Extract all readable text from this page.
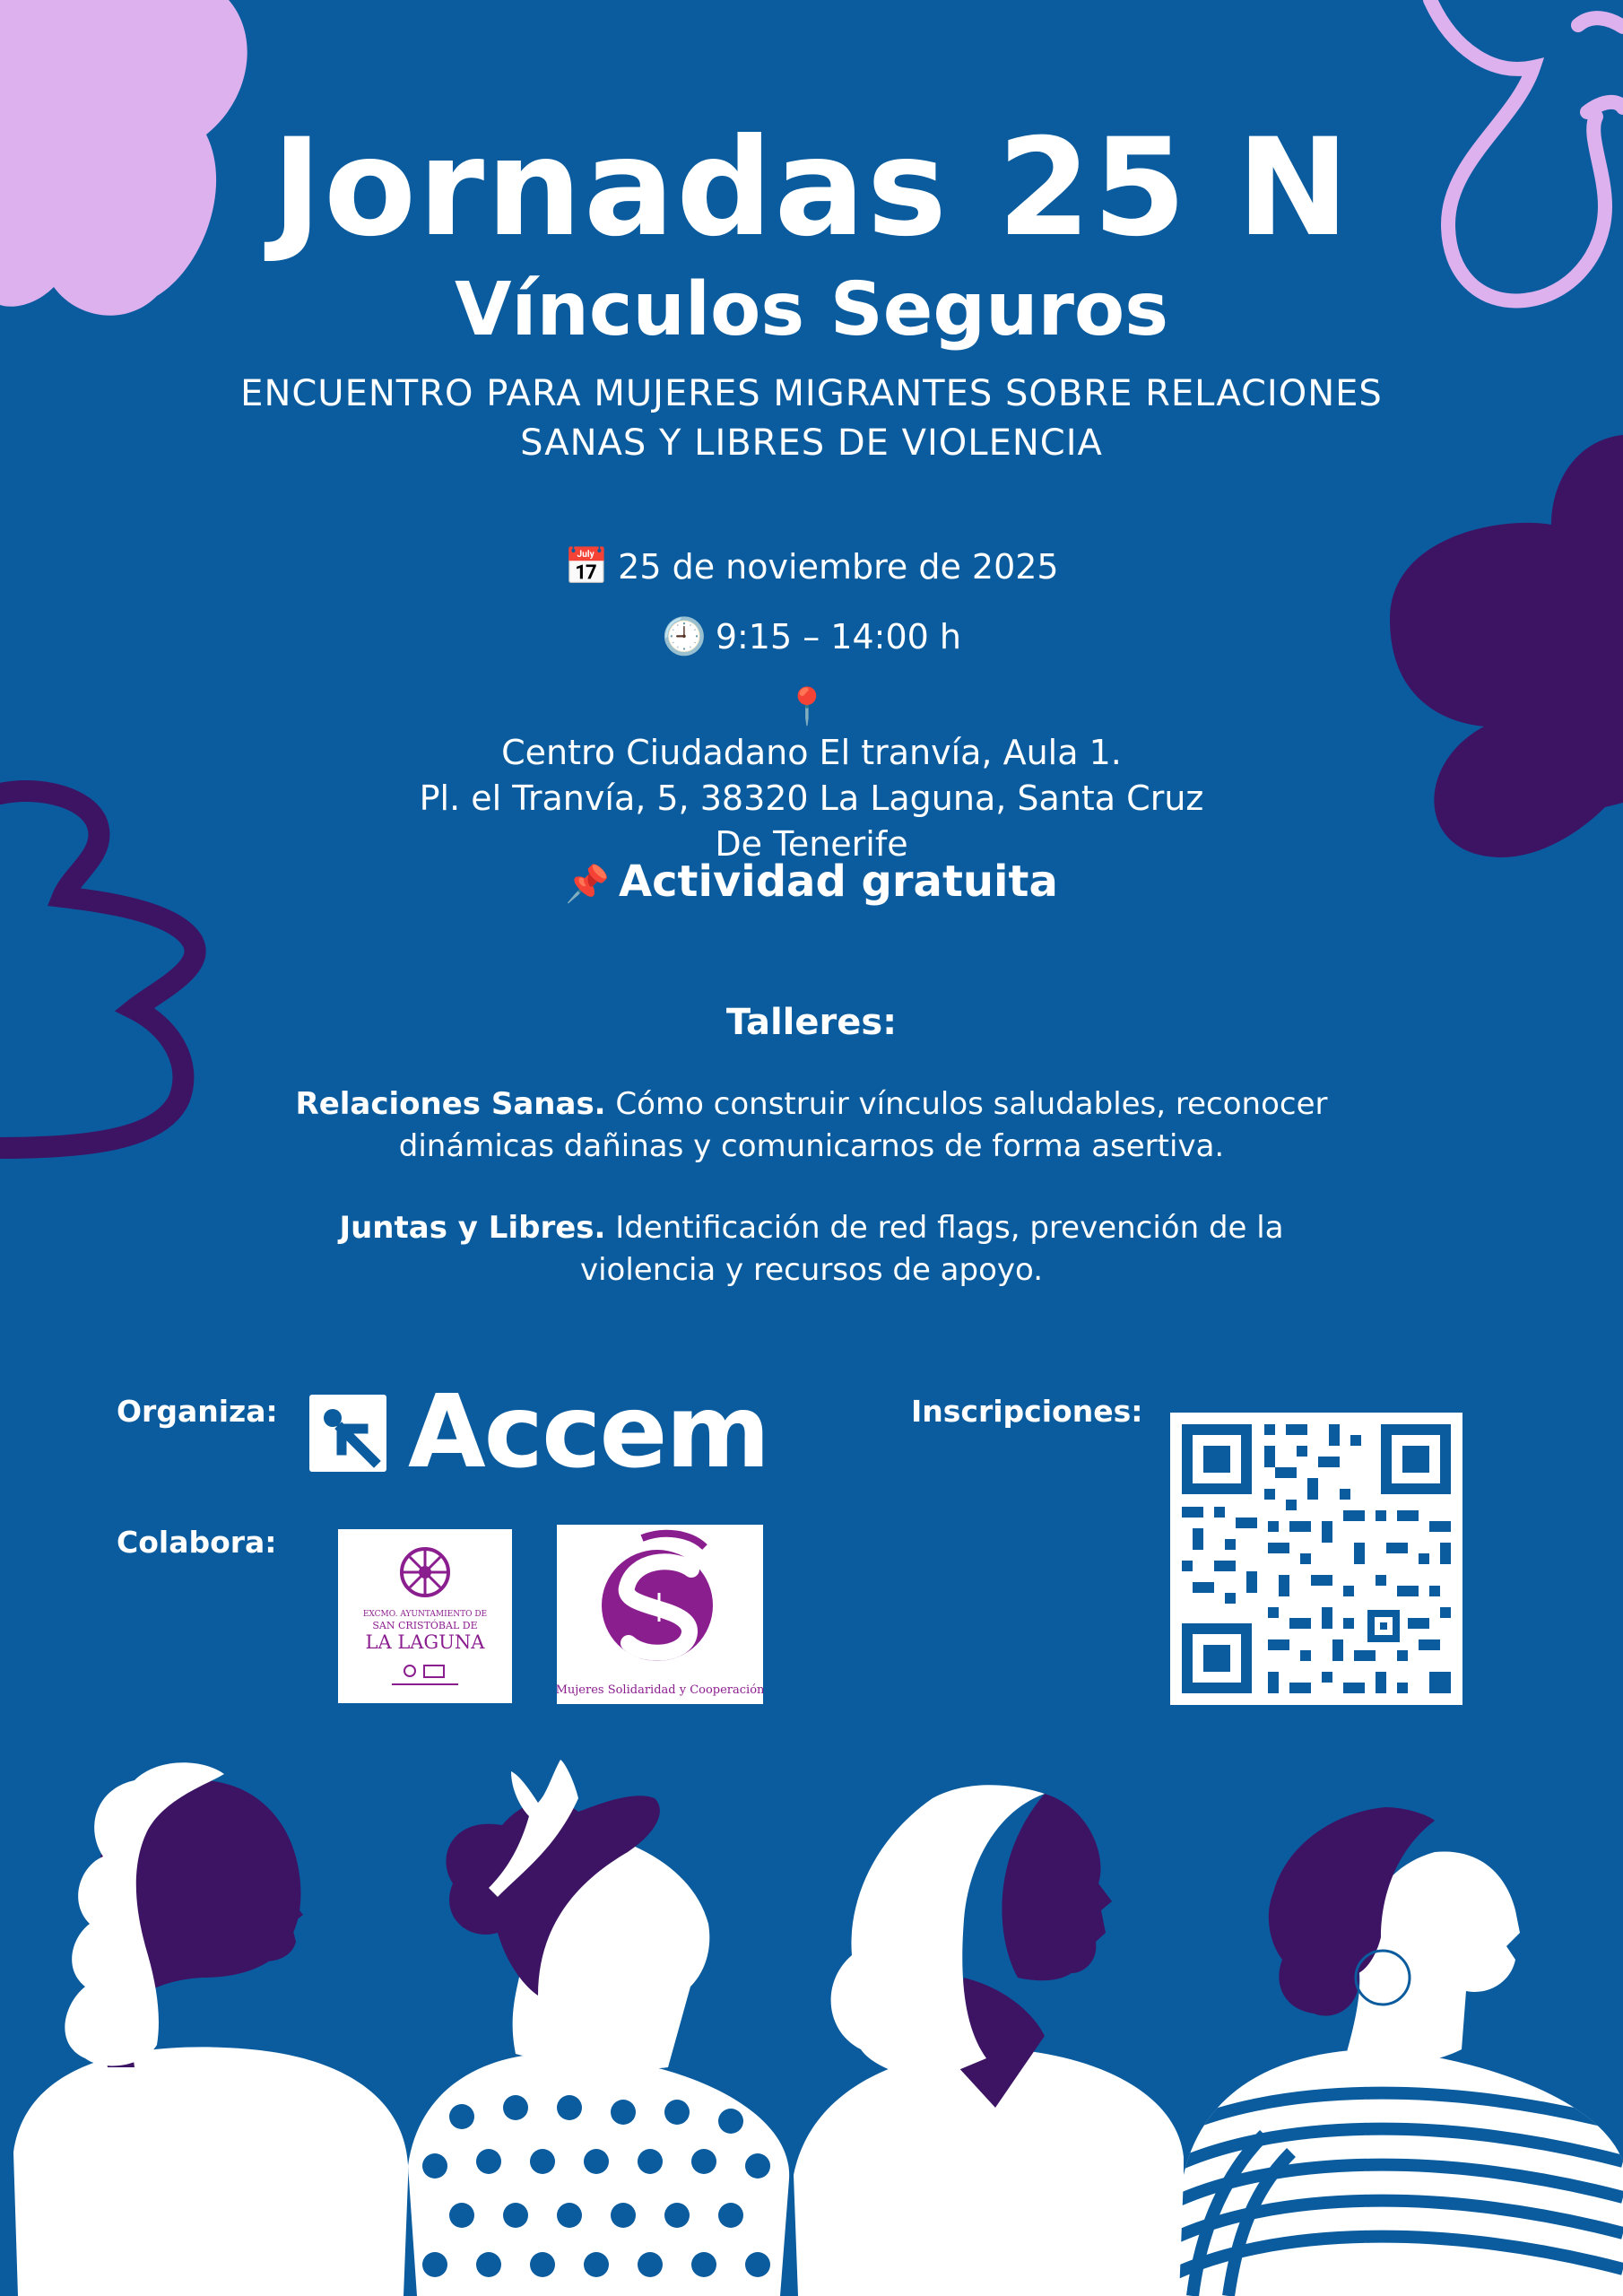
Jornadas 25 N
Vínculos Seguros
ENCUENTRO PARA MUJERES MIGRANTES SOBRE RELACIONES
SANAS Y LIBRES DE VIOLENCIA
📅 25 de noviembre de 2025
🕘 9:15 – 14:00 h
📍
Centro Ciudadano El tranvía, Aula 1.
Pl. el Tranvía, 5, 38320 La Laguna, Santa Cruz
De Tenerife
📌 Actividad gratuita
Talleres:
Relaciones Sanas. Cómo construir vínculos saludables, reconocer
dinámicas dañinas y comunicarnos de forma asertiva.
Juntas y Libres. Identificación de red flags, prevención de la
violencia y recursos de apoyo.
Organiza: Accem
Colabora:
EXCMO. AYUNTAMIENTO DE
SAN CRISTÓBAL DE
LA LAGUNA
Mujeres Solidaridad y Cooperación
Inscripciones:
